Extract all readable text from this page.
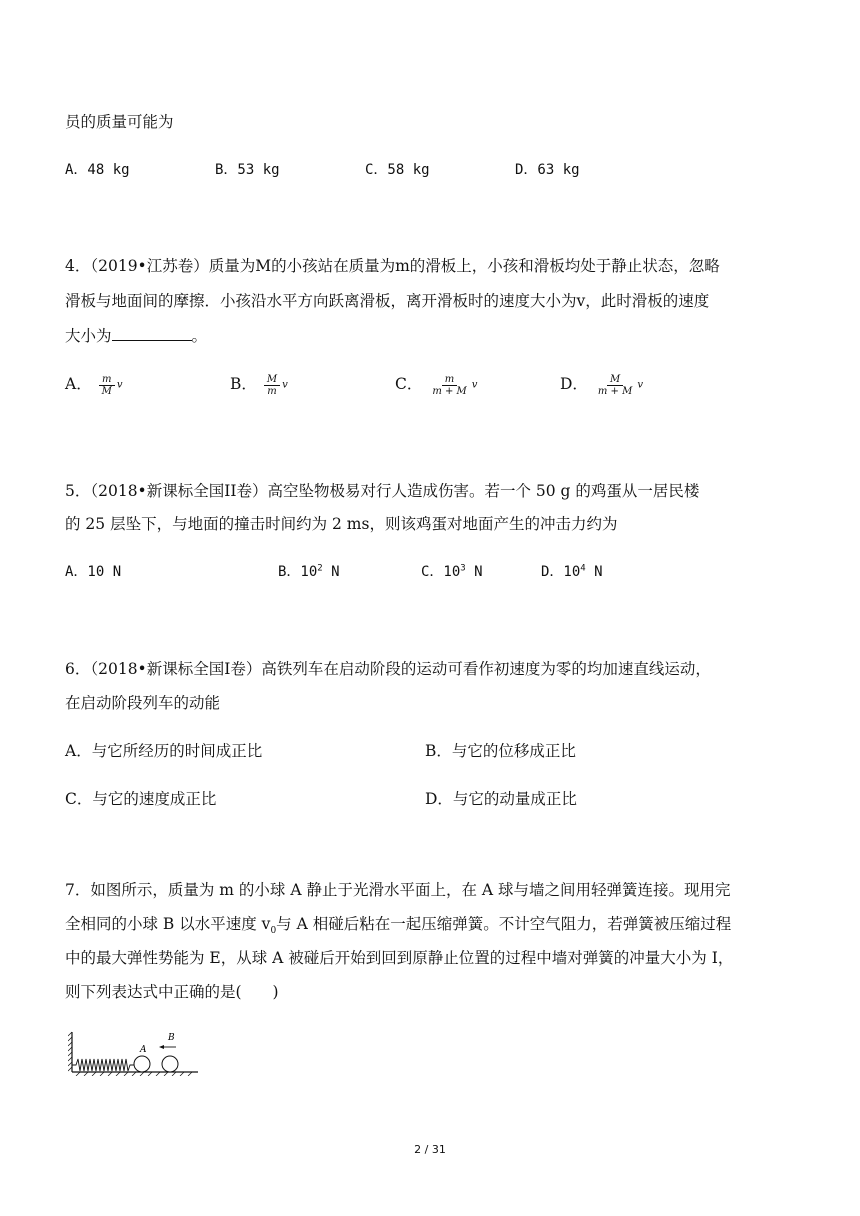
员的质量可能为
A．48 kg	B．53 kg	C．58 kg	D．63 kg
4．（2019•江苏卷）质量为M的小孩站在质量为m的滑板上，小孩和滑板均处于静止状态，忽略
滑板与地面间的摩擦．小孩沿水平方向跃离滑板，离开滑板时的速度大小为v，此时滑板的速度
大小为	。
A． $\frac{m}{M}$ v	B． $\frac{M}{m}$ v	C． $\frac{m}{m + M}$ v	D． $\frac{M}{m + M}$ v
5．（2018•新课标全国II卷）高空坠物极易对行人造成伤害。若一个 50 g 的鸡蛋从一居民楼
的 25 层坠下，与地面的撞击时间约为 2 ms，则该鸡蛋对地面产生的冲击力约为
A．10 N	B．$10^2$ N	C．$10^3$ N	D．$10^4$ N
6．（2018•新课标全国I卷）高铁列车在启动阶段的运动可看作初速度为零的均加速直线运动，
在启动阶段列车的动能
A．与它所经历的时间成正比	B．与它的位移成正比
C．与它的速度成正比	D．与它的动量成正比
7．如图所示，质量为 m 的小球 A 静止于光滑水平面上，在 A 球与墙之间用轻弹簧连接。现用完
全相同的小球 B 以水平速度 $v_0$与 A 相碰后粘在一起压缩弹簧。不计空气阻力，若弹簧被压缩过程
中的最大弹性势能为 E，从球 A 被碰后开始到回到原静止位置的过程中墙对弹簧的冲量大小为 I，
则下列表达式中正确的是(　　)
A
B
2 / 31
